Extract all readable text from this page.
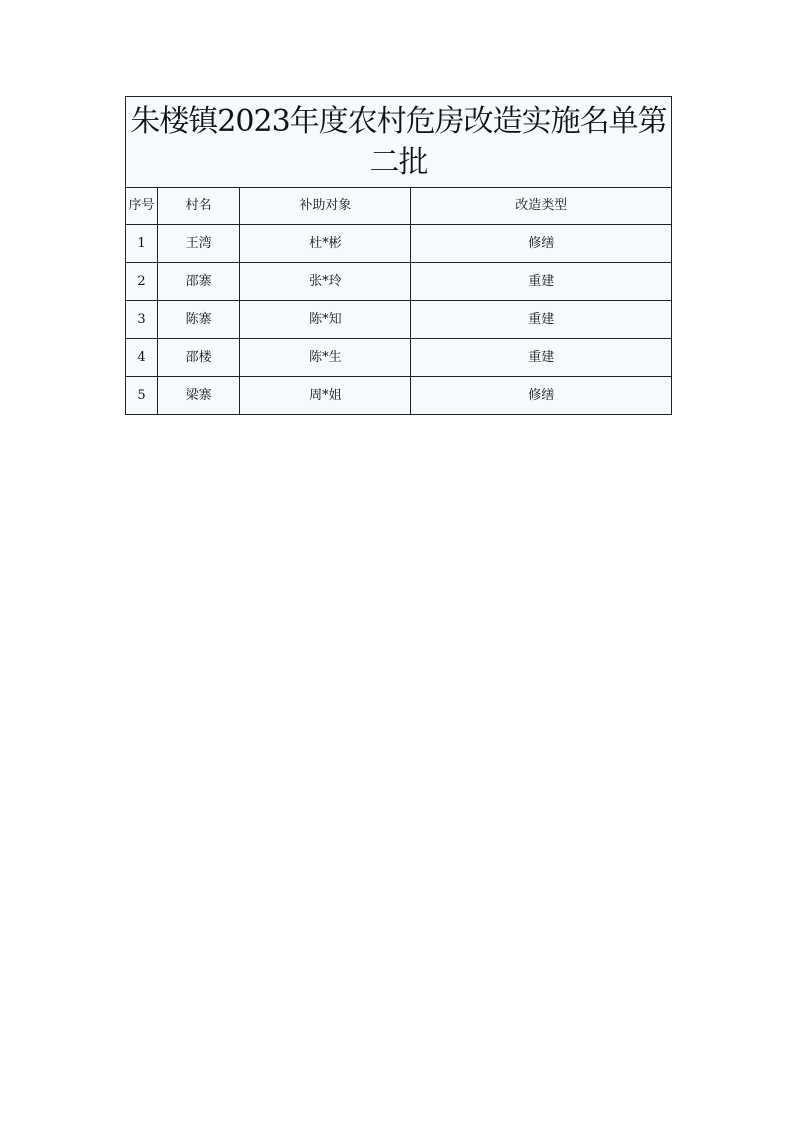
朱楼镇2023年度农村危房改造实施名单第二批			
序号	村名	补助对象	改造类型
1	王湾	杜*彬	修缮
2	邵寨	张*玲	重建
3	陈寨	陈*知	重建
4	邵楼	陈*生	重建
5	梁寨	周*姐	修缮
